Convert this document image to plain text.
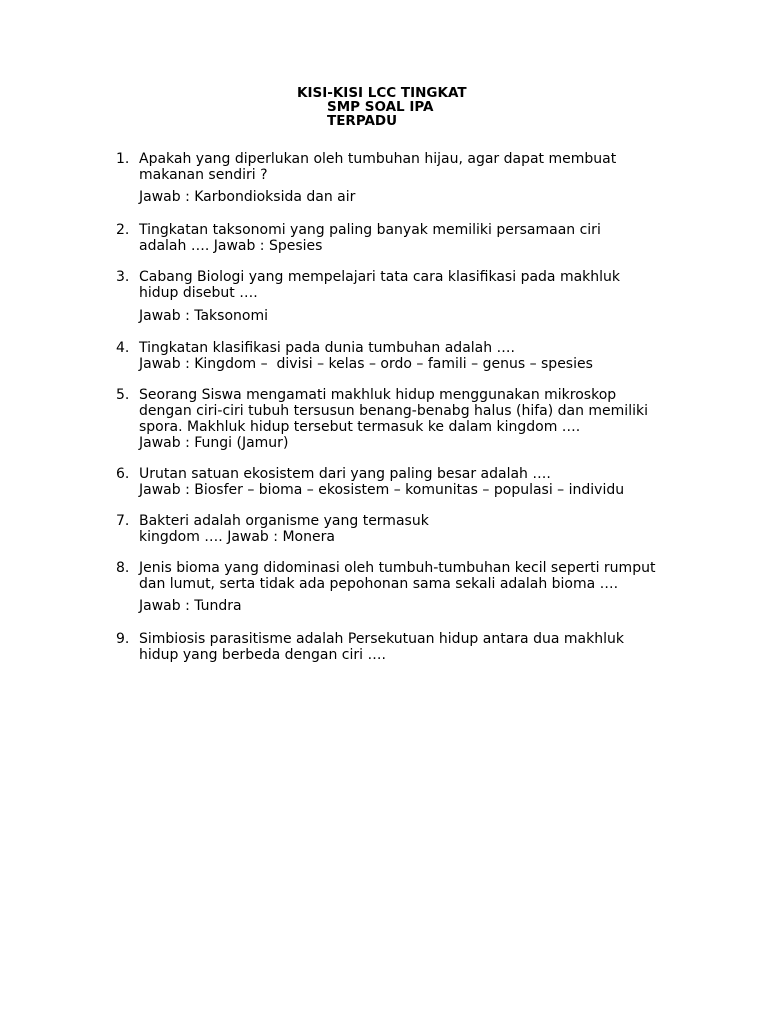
KISI-KISI LCC TINGKAT
SMP SOAL IPA
TERPADU
1. Apakah yang diperlukan oleh tumbuhan hijau, agar dapat membuat
makanan sendiri ?
Jawab : Karbondioksida dan air
2. Tingkatan taksonomi yang paling banyak memiliki persamaan ciri
adalah …. Jawab : Spesies
3. Cabang Biologi yang mempelajari tata cara klasifikasi pada makhluk
hidup disebut ….
Jawab : Taksonomi
4. Tingkatan klasifikasi pada dunia tumbuhan adalah ….
Jawab : Kingdom –  divisi – kelas – ordo – famili – genus – spesies
5. Seorang Siswa mengamati makhluk hidup menggunakan mikroskop
dengan ciri-ciri tubuh tersusun benang-benabg halus (hifa) dan memiliki
spora. Makhluk hidup tersebut termasuk ke dalam kingdom ….
Jawab : Fungi (Jamur)
6. Urutan satuan ekosistem dari yang paling besar adalah ….
Jawab : Biosfer – bioma – ekosistem – komunitas – populasi – individu
7. Bakteri adalah organisme yang termasuk
kingdom …. Jawab : Monera
8. Jenis bioma yang didominasi oleh tumbuh-tumbuhan kecil seperti rumput
dan lumut, serta tidak ada pepohonan sama sekali adalah bioma ….
Jawab : Tundra
9. Simbiosis parasitisme adalah Persekutuan hidup antara dua makhluk
hidup yang berbeda dengan ciri ….
